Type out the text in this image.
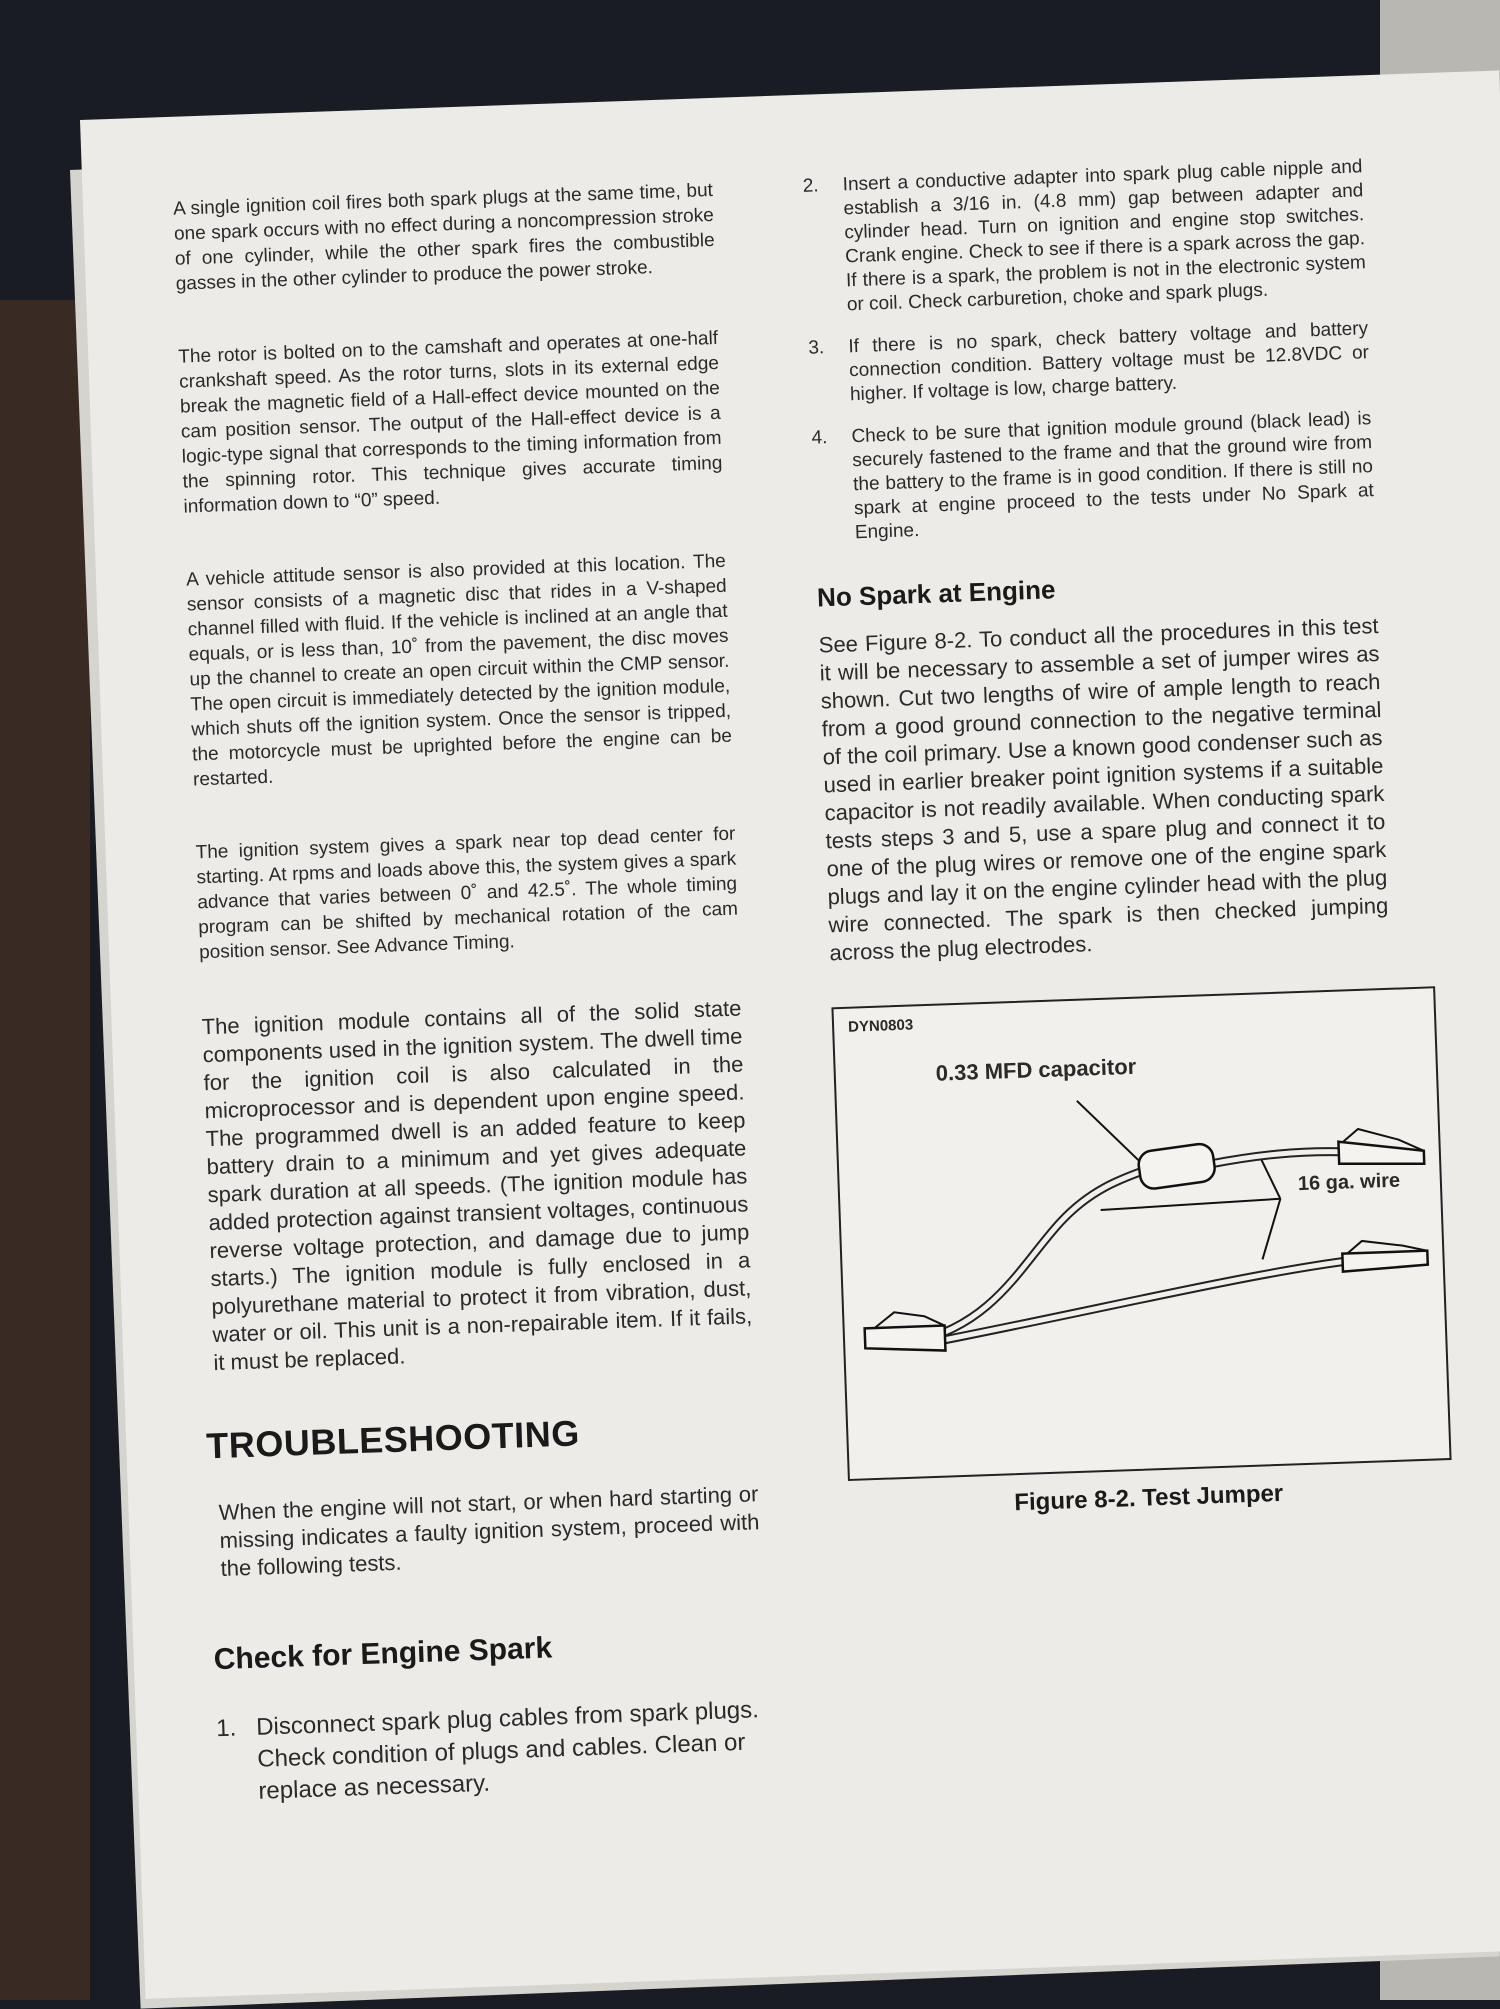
A single ignition coil fires both spark plugs at the same time, but one spark occurs with no effect during a noncompression stroke of one cylinder, while the other spark fires the combustible gasses in the other cylinder to produce the power stroke.

The rotor is bolted on to the camshaft and operates at one-half crankshaft speed. As the rotor turns, slots in its external edge break the magnetic field of a Hall-effect device mounted on the cam position sensor. The output of the Hall-effect device is a logic-type signal that corresponds to the timing information from the spinning rotor. This technique gives accurate timing information down to “0” speed.

A vehicle attitude sensor is also provided at this location. The sensor consists of a magnetic disc that rides in a V-shaped channel filled with fluid. If the vehicle is inclined at an angle that equals, or is less than, 10˚ from the pavement, the disc moves up the channel to create an open circuit within the CMP sensor. The open circuit is immediately detected by the ignition module, which shuts off the ignition system. Once the sensor is tripped, the motorcycle must be uprighted before the engine can be restarted.

The ignition system gives a spark near top dead center for starting. At rpms and loads above this, the system gives a spark advance that varies between 0˚ and 42.5˚. The whole timing program can be shifted by mechanical rotation of the cam position sensor. See Advance Timing.

The ignition module contains all of the solid state components used in the ignition system. The dwell time for the ignition coil is also calculated in the microprocessor and is dependent upon engine speed. The programmed dwell is an added feature to keep battery drain to a minimum and yet gives adequate spark duration at all speeds. (The ignition module has added protection against transient voltages, continuous reverse voltage protection, and damage due to jump starts.) The ignition module is fully enclosed in a polyurethane material to protect it from vibration, dust, water or oil. This unit is a non-repairable item. If it fails, it must be replaced.

TROUBLESHOOTING

When the engine will not start, or when hard starting or missing indicates a faulty ignition system, proceed with the following tests.

Check for Engine Spark
1. Disconnect spark plug cables from spark plugs. Check condition of plugs and cables. Clean or replace as necessary.
2. Insert a conductive adapter into spark plug cable nipple and establish a 3/16 in. (4.8 mm) gap between adapter and cylinder head. Turn on ignition and engine stop switches. Crank engine. Check to see if there is a spark across the gap. If there is a spark, the problem is not in the electronic system or coil. Check carburetion, choke and spark plugs.
3. If there is no spark, check battery voltage and battery connection condition. Battery voltage must be 12.8VDC or higher. If voltage is low, charge battery.
4. Check to be sure that ignition module ground (black lead) is securely fastened to the frame and that the ground wire from the battery to the frame is in good condition. If there is still no spark at engine proceed to the tests under No Spark at Engine.
No Spark at Engine

See Figure 8-2. To conduct all the procedures in this test it will be necessary to assemble a set of jumper wires as shown. Cut two lengths of wire of ample length to reach from a good ground connection to the negative terminal of the coil primary. Use a known good condenser such as used in earlier breaker point ignition systems if a suitable capacitor is not readily available. When conducting spark tests steps 3 and 5, use a spare plug and connect it to one of the plug wires or remove one of the engine spark plugs and lay it on the engine cylinder head with the plug wire connected. The spark is then checked jumping across the plug electrodes.

DYN0803
0.33 MFD capacitor
16 ga. wire
Figure 8-2. Test Jumper
